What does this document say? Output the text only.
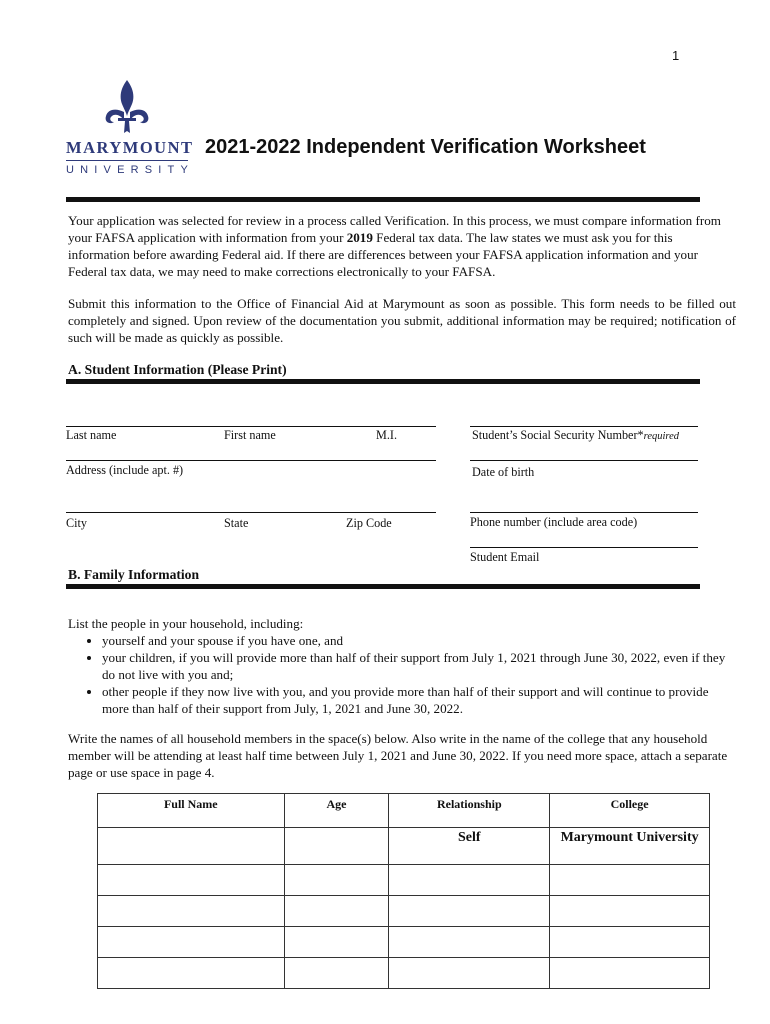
1
MARYMOUNT
UNIVERSITY
2021-2022 Independent Verification Worksheet
Your application was selected for review in a process called Verification. In this process, we must compare information from your FAFSA application with information from your 2019 Federal tax data. The law states we must ask you for this information before awarding Federal aid. If there are differences between your FAFSA application information and your Federal tax data, we may need to make corrections electronically to your FAFSA.
Submit this information to the Office of Financial Aid at Marymount as soon as possible. This form needs to be filled out completely and signed. Upon review of the documentation you submit, additional information may be required; notification of such will be made as quickly as possible.
A. Student Information (Please Print)
Last name	First name	M.I.	Student’s Social Security Number*required
Address (include apt. #)	Date of birth
City	State	Zip Code	Phone number (include area code)
Student Email
B. Family Information
List the people in your household, including:
• yourself and your spouse if you have one, and
• your children, if you will provide more than half of their support from July 1, 2021 through June 30, 2022, even if they do not live with you and;
• other people if they now live with you, and you provide more than half of their support and will continue to provide more than half of their support from July, 1, 2021 and June 30, 2022.
Write the names of all household members in the space(s) below. Also write in the name of the college that any household member will be attending at least half time between July 1, 2021 and June 30, 2022. If you need more space, attach a separate page or use space in page 4.
Full Name	Age	Relationship	College
		Self	Marymount University
